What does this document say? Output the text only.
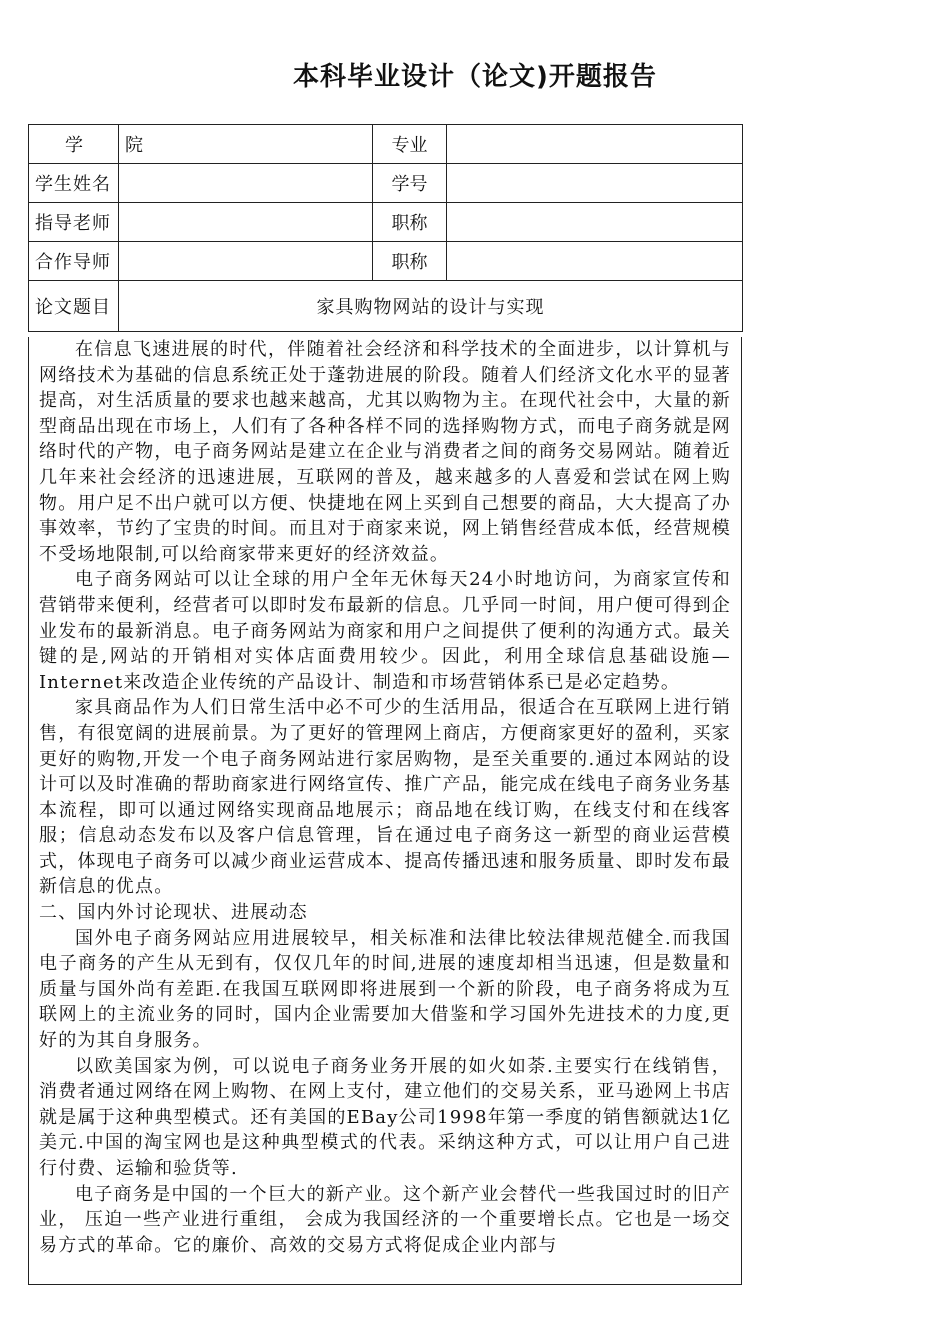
本科毕业设计（论文)开题报告
学院		专业	
学生姓名		学号	
指导老师		职称	
合作导师		职称	
论文题目	家具购物网站的设计与实现		

在信息飞速进展的时代，伴随着社会经济和科学技术的全面进步，以计算机与网络技术为基础的信息系统正处于蓬勃进展的阶段。随着人们经济文化水平的显著提高，对生活质量的要求也越来越高，尤其以购物为主。在现代社会中，大量的新型商品出现在市场上，人们有了各种各样不同的选择购物方式，而电子商务就是网络时代的产物，电子商务网站是建立在企业与消费者之间的商务交易网站。随着近几年来社会经济的迅速进展，互联网的普及，越来越多的人喜爱和尝试在网上购物。用户足不出户就可以方便、快捷地在网上买到自己想要的商品，大大提高了办事效率，节约了宝贵的时间。而且对于商家来说，网上销售经营成本低，经营规模不受场地限制,可以给商家带来更好的经济效益。

电子商务网站可以让全球的用户全年无休每天24小时地访问，为商家宣传和营销带来便利，经营者可以即时发布最新的信息。几乎同一时间，用户便可得到企业发布的最新消息。电子商务网站为商家和用户之间提供了便利的沟通方式。最关键的是,网站的开销相对实体店面费用较少。因此，利用全球信息基础设施—Internet来改造企业传统的产品设计、制造和市场营销体系已是必定趋势。

家具商品作为人们日常生活中必不可少的生活用品，很适合在互联网上进行销售，有很宽阔的进展前景。为了更好的管理网上商店，方便商家更好的盈利，买家更好的购物,开发一个电子商务网站进行家居购物，是至关重要的.通过本网站的设计可以及时准确的帮助商家进行网络宣传、推广产品，能完成在线电子商务业务基本流程，即可以通过网络实现商品地展示；商品地在线订购，在线支付和在线客服；信息动态发布以及客户信息管理，旨在通过电子商务这一新型的商业运营模式，体现电子商务可以减少商业运营成本、提高传播迅速和服务质量、即时发布最新信息的优点。

二、国内外讨论现状、进展动态

国外电子商务网站应用进展较早，相关标准和法律比较法律规范健全.而我国电子商务的产生从无到有，仅仅几年的时间,进展的速度却相当迅速，但是数量和质量与国外尚有差距.在我国互联网即将进展到一个新的阶段，电子商务将成为互联网上的主流业务的同时，国内企业需要加大借鉴和学习国外先进技术的力度,更好的为其自身服务。

以欧美国家为例，可以说电子商务业务开展的如火如荼.主要实行在线销售，消费者通过网络在网上购物、在网上支付，建立他们的交易关系，亚马逊网上书店就是属于这种典型模式。还有美国的EBay公司1998年第一季度的销售额就达1亿美元.中国的淘宝网也是这种典型模式的代表。采纳这种方式，可以让用户自己进行付费、运输和验货等.

电子商务是中国的一个巨大的新产业。这个新产业会替代一些我国过时的旧产业， 压迫一些产业进行重组， 会成为我国经济的一个重要增长点。它也是一场交易方式的革命。它的廉价、高效的交易方式将促成企业内部与
